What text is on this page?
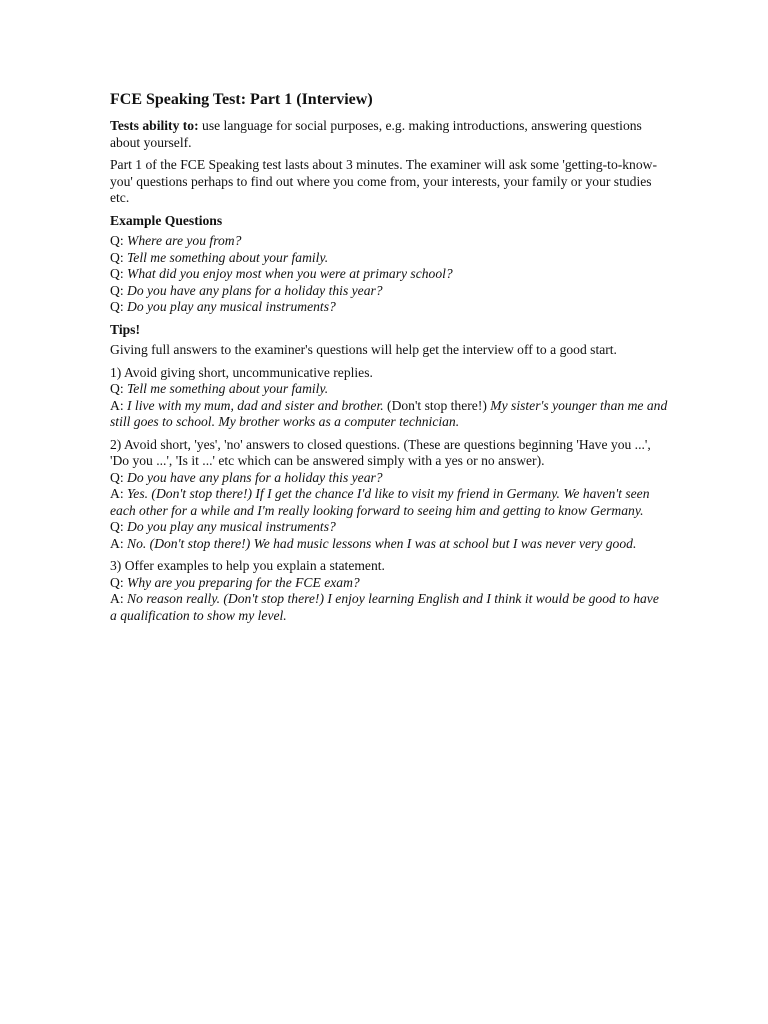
FCE Speaking Test: Part 1 (Interview)

Tests ability to: use language for social purposes, e.g. making introductions, answering questions about yourself.

Part 1 of the FCE Speaking test lasts about 3 minutes. The examiner will ask some 'getting-to-know-you' questions perhaps to find out where you come from, your interests, your family or your studies etc.

Example Questions
Q: Where are you from?
Q: Tell me something about your family.
Q: What did you enjoy most when you were at primary school?
Q: Do you have any plans for a holiday this year?
Q: Do you play any musical instruments?
Tips!

Giving full answers to the examiner's questions will help get the interview off to a good start.

1) Avoid giving short, uncommunicative replies.
Q: Tell me something about your family.
A: I live with my mum, dad and sister and brother. (Don't stop there!) My sister's younger than me and still goes to school. My brother works as a computer technician.
2) Avoid short, 'yes', 'no' answers to closed questions. (These are questions beginning 'Have you ...', 'Do you ...', 'Is it ...' etc which can be answered simply with a yes or no answer).
Q: Do you have any plans for a holiday this year?
A: Yes. (Don't stop there!) If I get the chance I'd like to visit my friend in Germany. We haven't seen each other for a while and I'm really looking forward to seeing him and getting to know Germany.
Q: Do you play any musical instruments?
A: No. (Don't stop there!) We had music lessons when I was at school but I was never very good.
3) Offer examples to help you explain a statement.
Q: Why are you preparing for the FCE exam?
A: No reason really. (Don't stop there!) I enjoy learning English and I think it would be good to have a qualification to show my level.
